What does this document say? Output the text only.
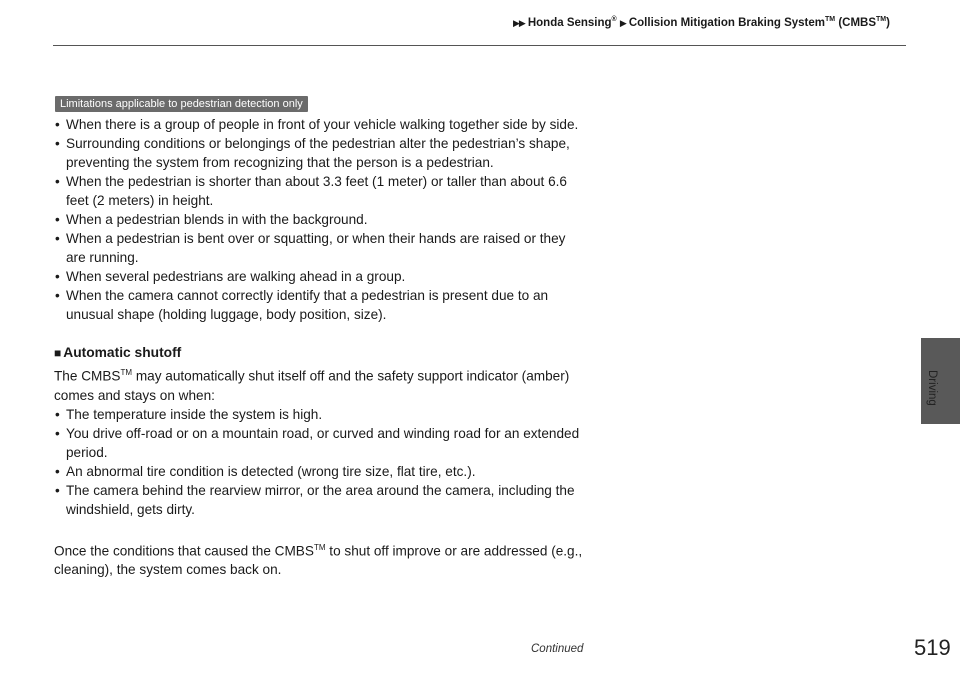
▶▶ Honda Sensing® ▶ Collision Mitigation Braking System™ (CMBS™)
Driving
Limitations applicable to pedestrian detection only
• When there is a group of people in front of your vehicle walking together side by side.
• Surrounding conditions or belongings of the pedestrian alter the pedestrian’s shape, preventing the system from recognizing that the person is a pedestrian.
• When the pedestrian is shorter than about 3.3 feet (1 meter) or taller than about 6.6 feet (2 meters) in height.
• When a pedestrian blends in with the background.
• When a pedestrian is bent over or squatting, or when their hands are raised or they are running.
• When several pedestrians are walking ahead in a group.
• When the camera cannot correctly identify that a pedestrian is present due to an unusual shape (holding luggage, body position, size).
■ Automatic shutoff
The CMBS™ may automatically shut itself off and the safety support indicator (amber) comes and stays on when:
• The temperature inside the system is high.
• You drive off-road or on a mountain road, or curved and winding road for an extended period.
• An abnormal tire condition is detected (wrong tire size, flat tire, etc.).
• The camera behind the rearview mirror, or the area around the camera, including the windshield, gets dirty.
Once the conditions that caused the CMBS™ to shut off improve or are addressed (e.g., cleaning), the system comes back on.
Continued	519
